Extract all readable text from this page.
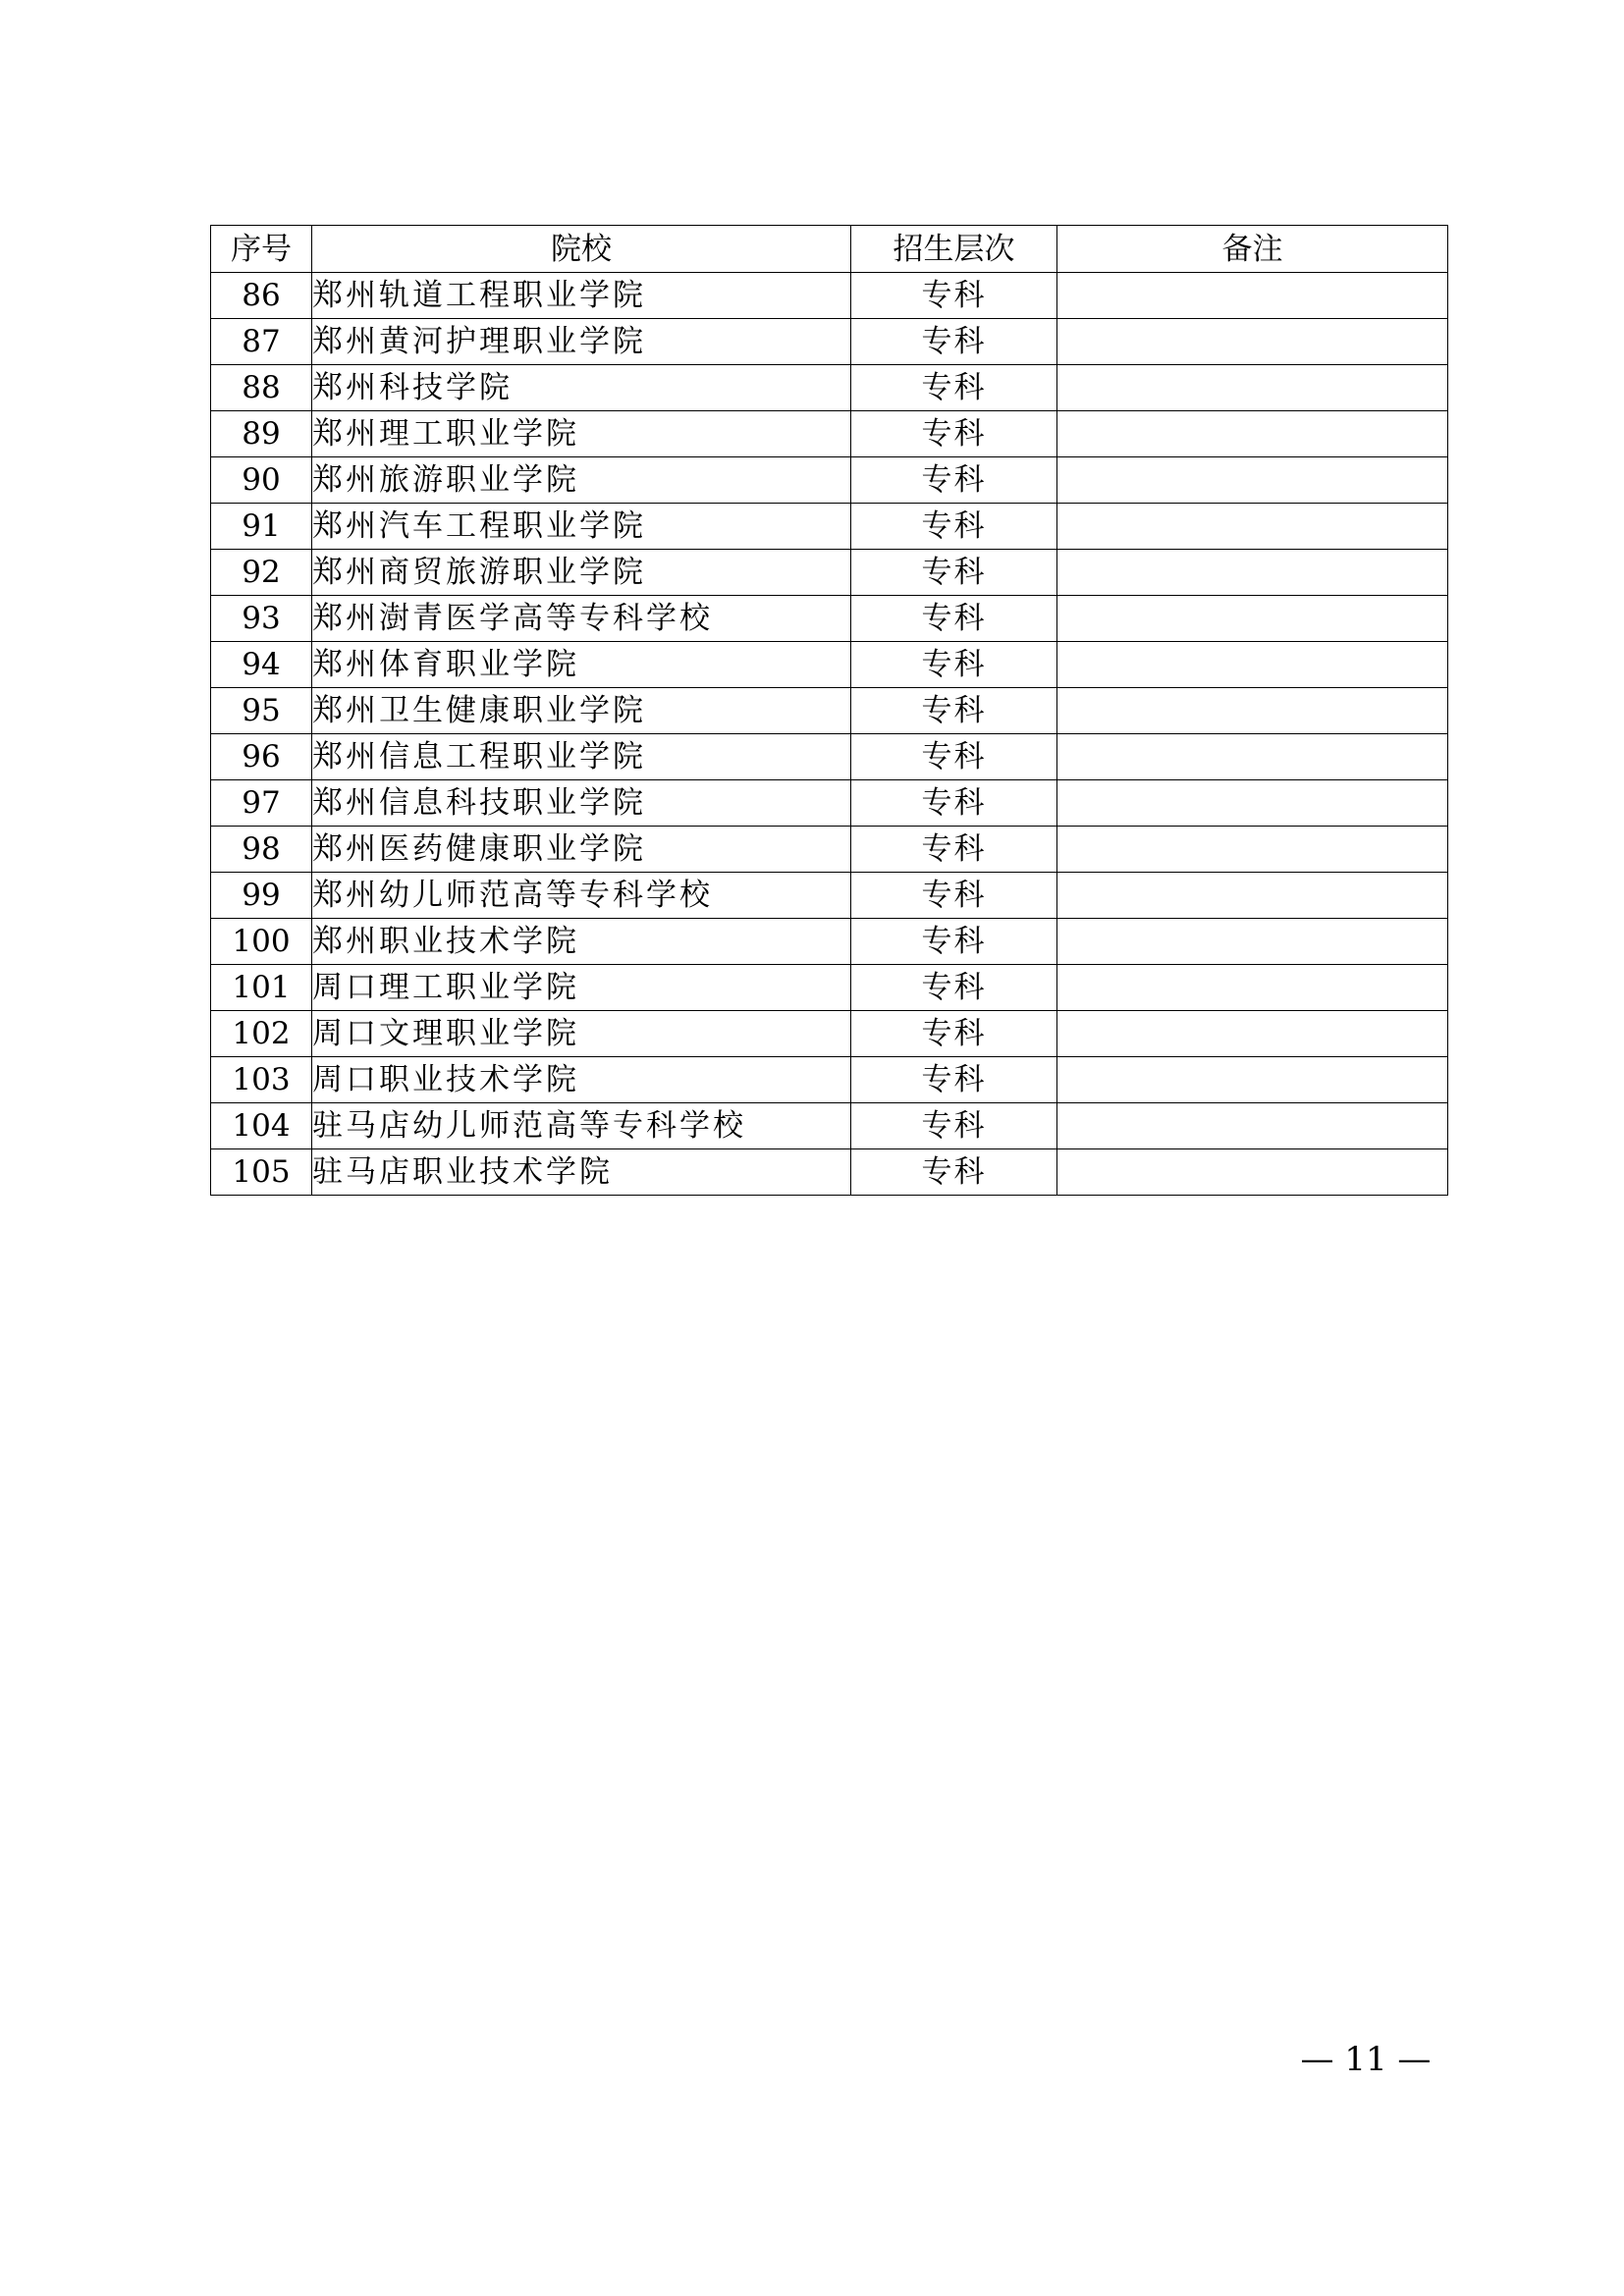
序号	院校	招生层次	备注
86	郑州轨道工程职业学院	专科	
87	郑州黄河护理职业学院	专科	
88	郑州科技学院	专科	
89	郑州理工职业学院	专科	
90	郑州旅游职业学院	专科	
91	郑州汽车工程职业学院	专科	
92	郑州商贸旅游职业学院	专科	
93	郑州澍青医学高等专科学校	专科	
94	郑州体育职业学院	专科	
95	郑州卫生健康职业学院	专科	
96	郑州信息工程职业学院	专科	
97	郑州信息科技职业学院	专科	
98	郑州医药健康职业学院	专科	
99	郑州幼儿师范高等专科学校	专科	
100	郑州职业技术学院	专科	
101	周口理工职业学院	专科	
102	周口文理职业学院	专科	
103	周口职业技术学院	专科	
104	驻马店幼儿师范高等专科学校	专科	
105	驻马店职业技术学院	专科	
— 11 —
